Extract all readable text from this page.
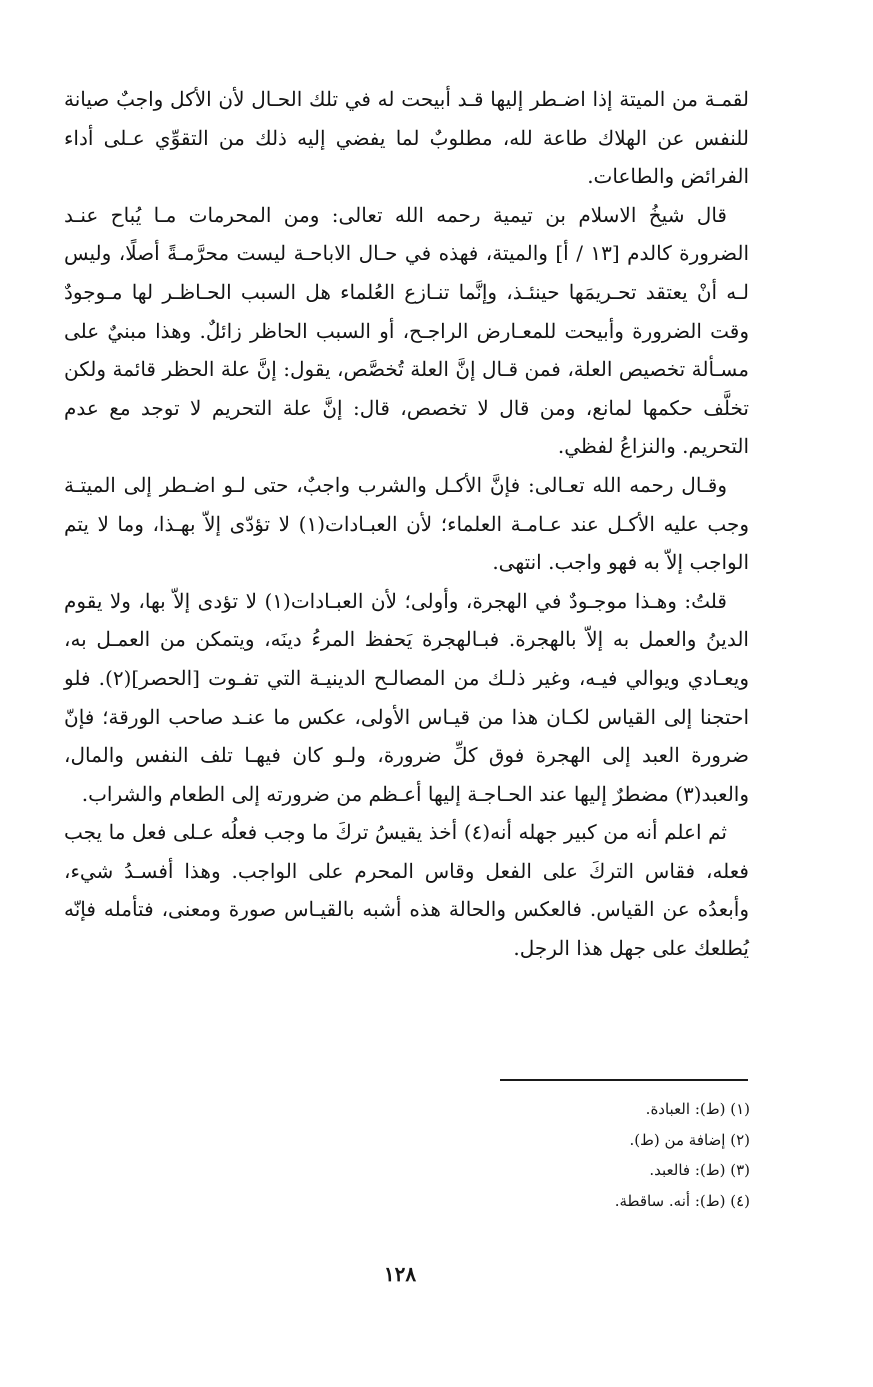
لقمـة من الميتة إذا اضـطر إليها قـد أبيحت له في تلك الحـال لأن الأكل واجبٌ صيانة للنفس عن الهلاك طاعة لله، مطلوبٌ لما يفضي إليه ذلك من التقوِّي عـلى أداء الفرائض والطاعات.

قال شيخُ الاسلام بن تيمية رحمه الله تعالى: ومن المحرمات مـا يُباح عنـد الضرورة كالدم [١٣ / أ] والميتة، فهذه في حـال الاباحـة ليست محرَّمـةً أصلًا، وليس لـه أنْ يعتقد تحـريمَها حينئـذ، وإنَّما تنـازع العُلماء هل السبب الحـاظـر لها مـوجودٌ وقت الضرورة وأبيحت للمعـارض الراجـح، أو السبب الحاظر زائلٌ. وهذا مبنيٌ على مسـألة تخصيص العلة، فمن قـال إنَّ العلة تُخصَّص، يقول: إنَّ علة الحظر قائمة ولكن تخلَّف حكمها لمانع، ومن قال لا تخصص، قال: إنَّ علة التحريم لا توجد مع عدم التحريم. والنزاعُ لفظي.

وقـال رحمه الله تعـالى: فإنَّ الأكـل والشرب واجبٌ، حتى لـو اضـطر إلى الميتـة وجب عليه الأكـل عند عـامـة العلماء؛ لأن العبـادات(١) لا تؤدّى إلاّ بهـذا، وما لا يتم الواجب إلاّ به فهو واجب. انتهى.

قلتُ: وهـذا موجـودٌ في الهجرة، وأولى؛ لأن العبـادات(١) لا تؤدى إلاّ بها، ولا يقوم الدينُ والعمل به إلاّ بالهجرة. فبـالهجرة يَحفظ المرءُ دينَه، ويتمكن من العمـل به، ويعـادي ويوالي فيـه، وغير ذلـك من المصالـح الدينيـة التي تفـوت [الحصر](٢). فلو احتجنا إلى القياس لكـان هذا من قيـاس الأولى، عكس ما عنـد صاحب الورقة؛ فإنّ ضرورة العبد إلى الهجرة فوق كلِّ ضرورة، ولـو كان فيهـا تلف النفس والمال، والعبد(٣) مضطرٌ إليها عند الحـاجـة إليها أعـظم من ضرورته إلى الطعام والشراب.

ثم اعلم أنه من كبير جهله أنه(٤) أخذ يقيسُ تركَ ما وجب فعلُه عـلى فعل ما يجب فعله، فقاس التركَ على الفعل وقاس المحرم على الواجب. وهذا أفسـدُ شيء، وأبعدُه عن القياس. فالعكس والحالة هذه أشبه بالقيـاس صورة ومعنى، فتأمله فإنّه يُطلعك على جهل هذا الرجل.

(١) (ط): العبادة.

(٢) إضافة من (ط).

(٣) (ط): فالعبد.

(٤) (ط): أنه. ساقطة.

١٢٨
